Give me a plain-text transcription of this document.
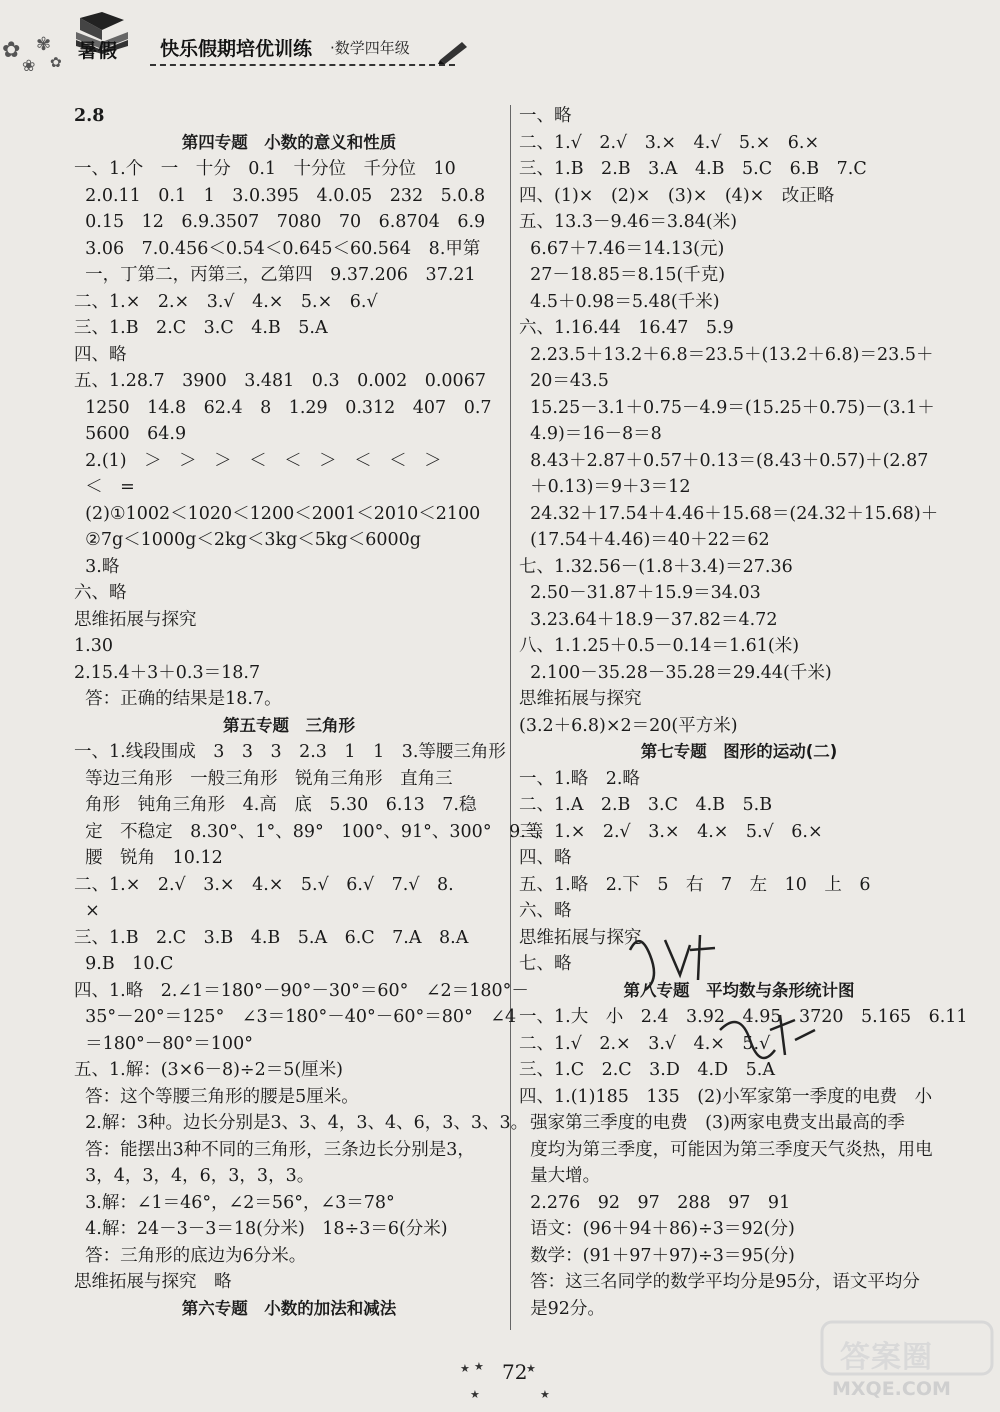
✿
❀
✾
✿
暑假 快乐假期培优训练 ·数学四年级
2.8
第四专题　小数的意义和性质
一、1.个　一　十分　0.1　十分位　千分位　10
2.0.11　0.1　1　3.0.395　4.0.05　232　5.0.8
0.15　12　6.9.3507　7080　70　6.8704　6.9
3.06　7.0.456＜0.54＜0.645＜60.564　8.甲第
一，丁第二，丙第三，乙第四　9.37.206　37.21
二、1.×　2.×　3.√　4.×　5.×　6.√
三、1.B　2.C　3.C　4.B　5.A
四、略
五、1.28.7　3900　3.481　0.3　0.002　0.0067
1250　14.8　62.4　8　1.29　0.312　407　0.7
5600　64.9
2.(1)　＞　＞　＞　＜　＜　＞　＜　＜　＞
＜　=
(2)①1002＜1020＜1200＜2001＜2010＜2100
②7g＜1000g＜2kg＜3kg＜5kg＜6000g
3.略
六、略
思维拓展与探究
1.30
2.15.4＋3＋0.3＝18.7
答：正确的结果是18.7。
第五专题　三角形
一、1.线段围成　3　3　3　2.3　1　1　3.等腰三角形
等边三角形　一般三角形　锐角三角形　直角三
角形　钝角三角形　4.高　底　5.30　6.13　7.稳
定　不稳定　8.30°、1°、89°　100°、91°、300°　9.等
腰　锐角　10.12
二、1.×　2.√　3.×　4.×　5.√　6.√　7.√　8.
×
三、1.B　2.C　3.B　4.B　5.A　6.C　7.A　8.A
9.B　10.C
四、1.略　2.∠1＝180°－90°－30°＝60°　∠2＝180°－
35°－20°＝125°　∠3＝180°－40°－60°＝80°　∠4
＝180°－80°＝100°
五、1.解：(3×6－8)÷2＝5(厘米)
答：这个等腰三角形的腰是5厘米。
2.解：3种。边长分别是3、3、4，3、4、6，3、3、3。
答：能摆出3种不同的三角形，三条边长分别是3，
3，4，3，4，6，3，3，3。
3.解：∠1＝46°，∠2＝56°，∠3＝78°
4.解：24－3－3＝18(分米)　18÷3＝6(分米)
答：三角形的底边为6分米。
思维拓展与探究　略
第六专题　小数的加法和减法
一、略
二、1.√　2.√　3.×　4.√　5.×　6.×
三、1.B　2.B　3.A　4.B　5.C　6.B　7.C
四、(1)×　(2)×　(3)×　(4)×　改正略
五、13.3－9.46＝3.84(米)
6.67＋7.46＝14.13(元)
27－18.85＝8.15(千克)
4.5＋0.98＝5.48(千米)
六、1.16.44　16.47　5.9
2.23.5＋13.2＋6.8＝23.5＋(13.2＋6.8)＝23.5＋
20＝43.5
15.25－3.1＋0.75－4.9＝(15.25＋0.75)－(3.1＋
4.9)＝16－8＝8
8.43＋2.87＋0.57＋0.13＝(8.43＋0.57)＋(2.87
＋0.13)＝9＋3＝12
24.32＋17.54＋4.46＋15.68＝(24.32＋15.68)＋
(17.54＋4.46)＝40＋22＝62
七、1.32.56－(1.8＋3.4)＝27.36
2.50－31.87＋15.9＝34.03
3.23.64＋18.9－37.82＝4.72
八、1.1.25＋0.5－0.14＝1.61(米)
2.100－35.28－35.28＝29.44(千米)
思维拓展与探究
(3.2＋6.8)×2＝20(平方米)
第七专题　图形的运动(二)
一、1.略　2.略
二、1.A　2.B　3.C　4.B　5.B
三、1.×　2.√　3.×　4.×　5.√　6.×
四、略
五、1.略　2.下　5　右　7　左　10　上　6
六、略
思维拓展与探究
七、略
第八专题　平均数与条形统计图
一、1.大　小　2.4　3.92　4.95　3720　5.165　6.11
二、1.√　2.×　3.√　4.×　5.√
三、1.C　2.C　3.D　4.D　5.A
四、1.(1)185　135　(2)小军家第一季度的电费　小
强家第三季度的电费　(3)两家电费支出最高的季
度均为第三季度，可能因为第三季度天气炎热，用电
量大增。
2.276　92　97　288　97　91
语文：(96＋94＋86)÷3＝92(分)
数学：(91＋97＋97)÷3＝95(分)
答：这三名同学的数学平均分是95分，语文平均分
是92分。
★ ★
★
★
★
72	答案圈
MXQE.COM
